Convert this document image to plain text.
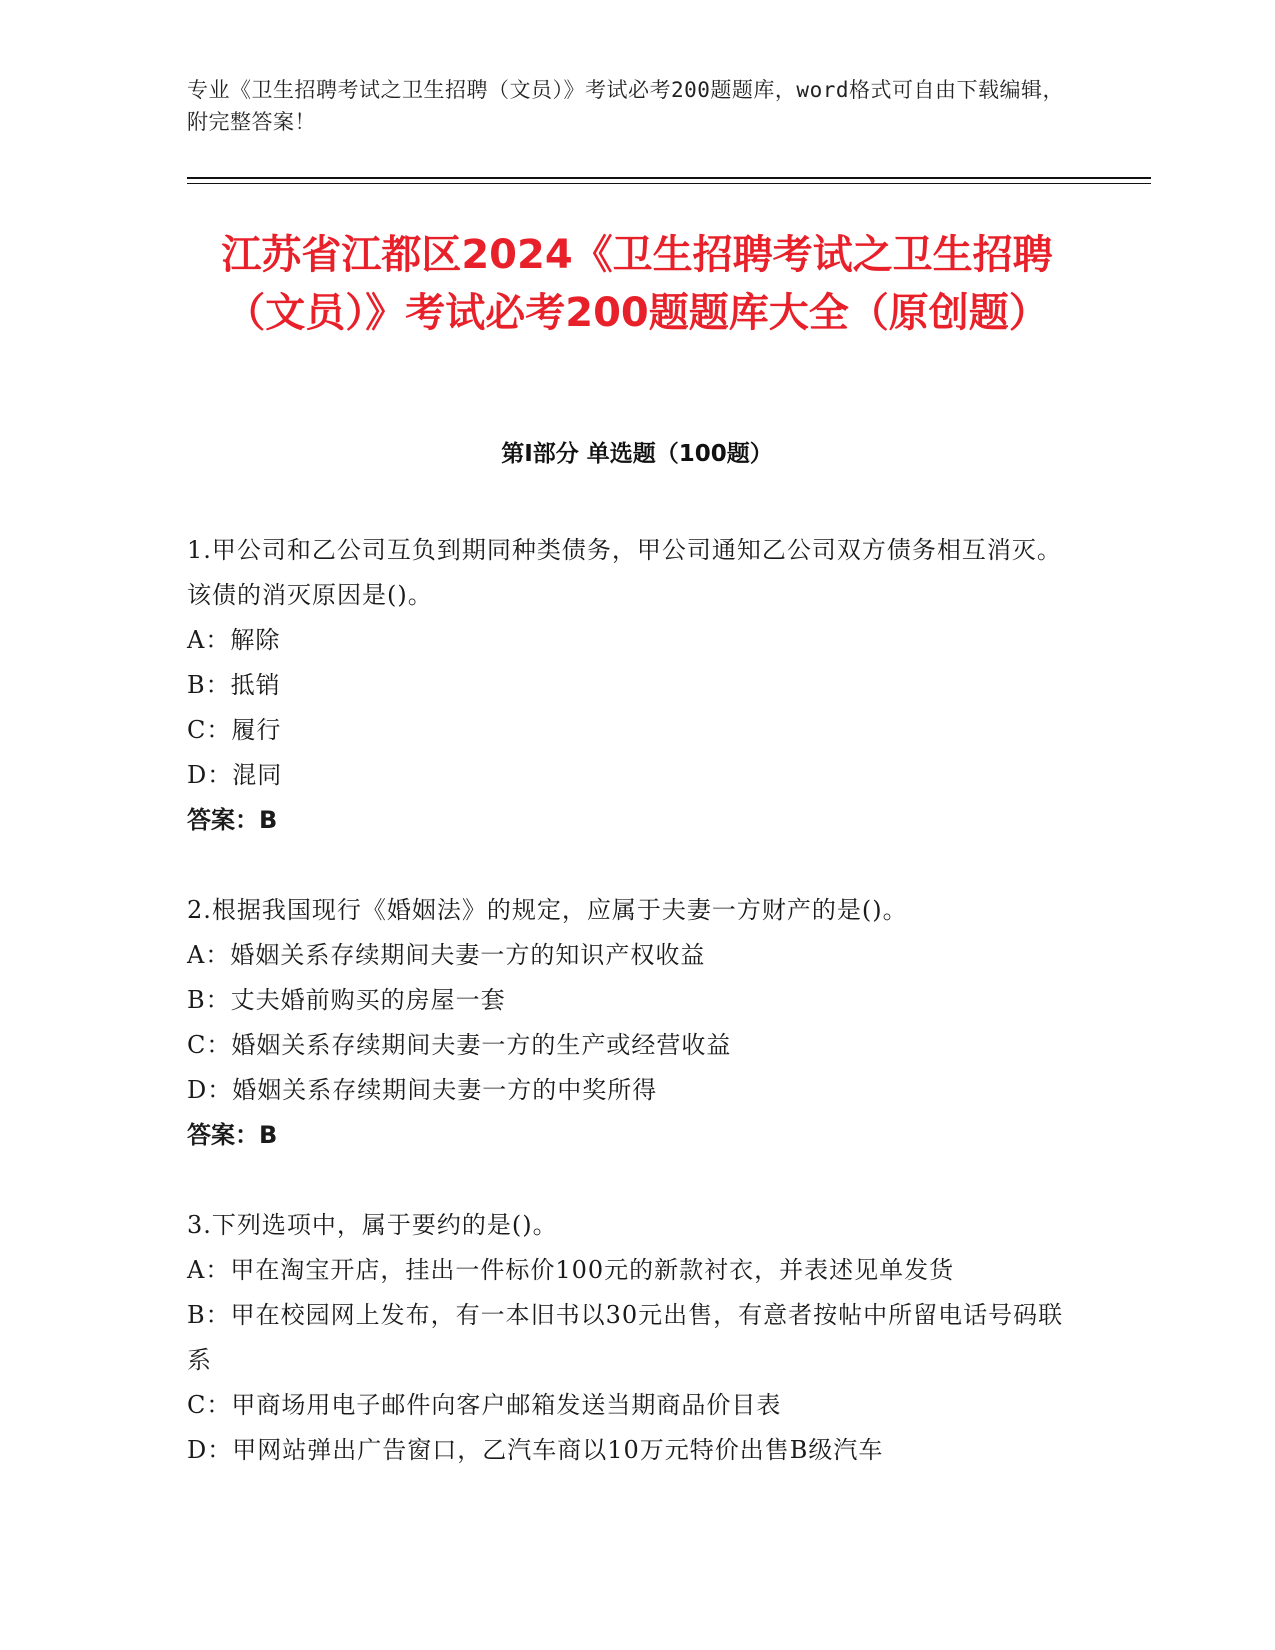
专业《卫生招聘考试之卫生招聘（文员）》考试必考200题题库，word格式可自由下载编辑，附完整答案！
江苏省江都区2024《卫生招聘考试之卫生招聘（文员）》考试必考200题题库大全（原创题）
第I部分 单选题（100题）
1.甲公司和乙公司互负到期同种类债务，甲公司通知乙公司双方债务相互消灭。该债的消灭原因是()。
A：解除
B：抵销
C：履行
D：混同
答案：B
2.根据我国现行《婚姻法》的规定，应属于夫妻一方财产的是()。
A：婚姻关系存续期间夫妻一方的知识产权收益
B：丈夫婚前购买的房屋一套
C：婚姻关系存续期间夫妻一方的生产或经营收益
D：婚姻关系存续期间夫妻一方的中奖所得
答案：B
3.下列选项中，属于要约的是()。
A：甲在淘宝开店，挂出一件标价100元的新款衬衣，并表述见单发货
B：甲在校园网上发布，有一本旧书以30元出售，有意者按帖中所留电话号码联系
C：甲商场用电子邮件向客户邮箱发送当期商品价目表
D：甲网站弹出广告窗口，乙汽车商以10万元特价出售B级汽车
